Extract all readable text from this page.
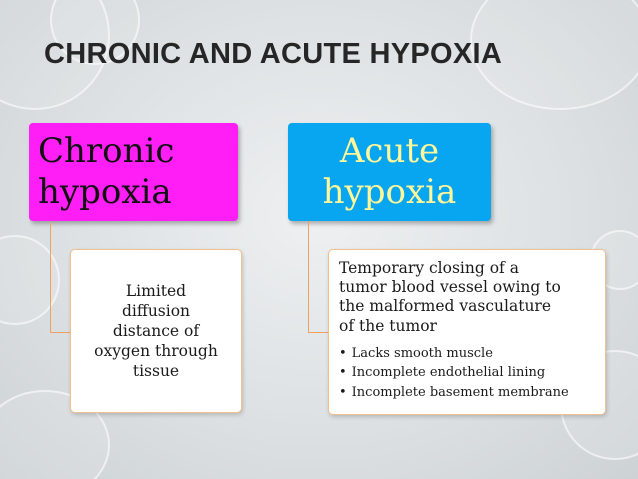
CHRONIC AND ACUTE HYPOXIA
Chronic
hypoxia
Acute
hypoxia
Limited
diffusion
distance of
oxygen through
tissue
Temporary closing of a
tumor blood vessel owing to
the malformed vasculature
of the tumor
• Lacks smooth muscle
• Incomplete endothelial lining
• Incomplete basement membrane
